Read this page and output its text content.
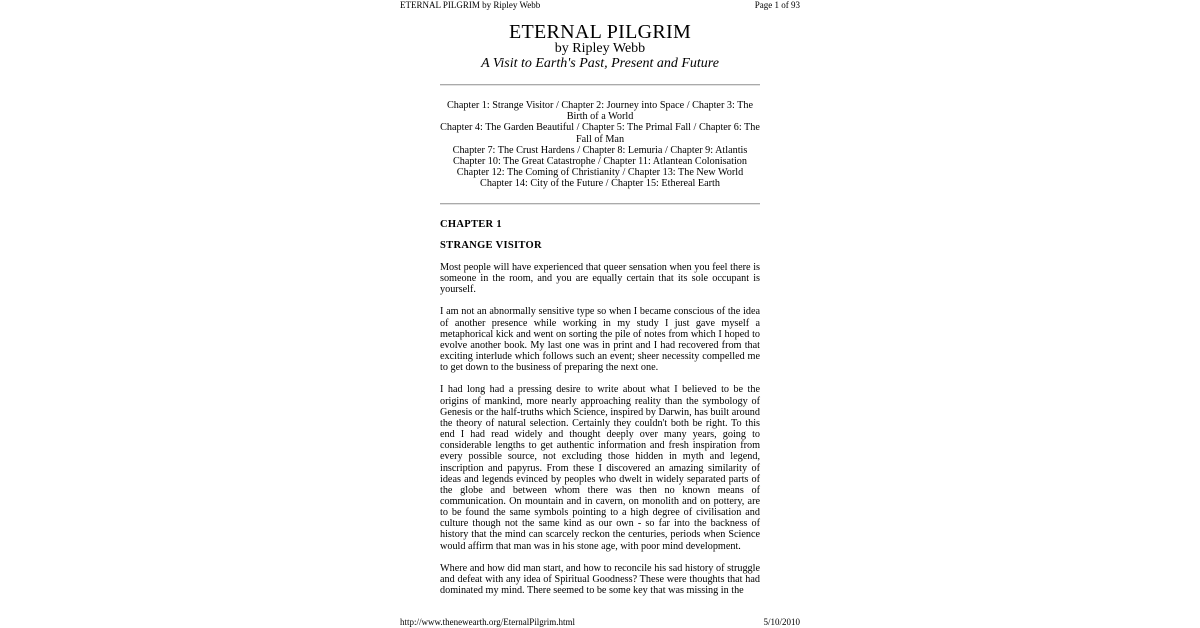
ETERNAL PILGRIM by Ripley Webb	Page 1 of 93
ETERNAL PILGRIM
by Ripley Webb
A Visit to Earth's Past, Present and Future
Chapter 1: Strange Visitor / Chapter 2: Journey into Space / Chapter 3: The Birth of a World
Chapter 4: The Garden Beautiful / Chapter 5: The Primal Fall / Chapter 6: The Fall of Man
Chapter 7: The Crust Hardens / Chapter 8: Lemuria / Chapter 9: Atlantis
Chapter 10: The Great Catastrophe / Chapter 11: Atlantean Colonisation
Chapter 12: The Coming of Christianity / Chapter 13: The New World
Chapter 14: City of the Future / Chapter 15: Ethereal Earth
CHAPTER 1
STRANGE VISITOR

Most people will have experienced that queer sensation when you feel there is someone in the room, and you are equally certain that its sole occupant is yourself.

I am not an abnormally sensitive type so when I became conscious of the idea of another presence while working in my study I just gave myself a metaphorical kick and went on sorting the pile of notes from which I hoped to evolve another book. My last one was in print and I had recovered from that exciting interlude which follows such an event; sheer necessity compelled me to get down to the business of preparing the next one.

I had long had a pressing desire to write about what I believed to be the origins of mankind, more nearly approaching reality than the symbology of Genesis or the half-truths which Science, inspired by Darwin, has built around the theory of natural selection. Certainly they couldn't both be right. To this end I had read widely and thought deeply over many years, going to considerable lengths to get authentic information and fresh inspiration from every possible source, not excluding those hidden in myth and legend, inscription and papyrus. From these I discovered an amazing similarity of ideas and legends evinced by peoples who dwelt in widely separated parts of the globe and between whom there was then no known means of communication. On mountain and in cavern, on monolith and on pottery, are to be found the same symbols pointing to a high degree of civilisation and culture though not the same kind as our own - so far into the backness of history that the mind can scarcely reckon the centuries, periods when Science would affirm that man was in his stone age, with poor mind development.

Where and how did man start, and how to reconcile his sad history of struggle and defeat with any idea of Spiritual Goodness? These were thoughts that had dominated my mind. There seemed to be some key that was missing in the

http://www.thenewearth.org/EternalPilgrim.html	5/10/2010
